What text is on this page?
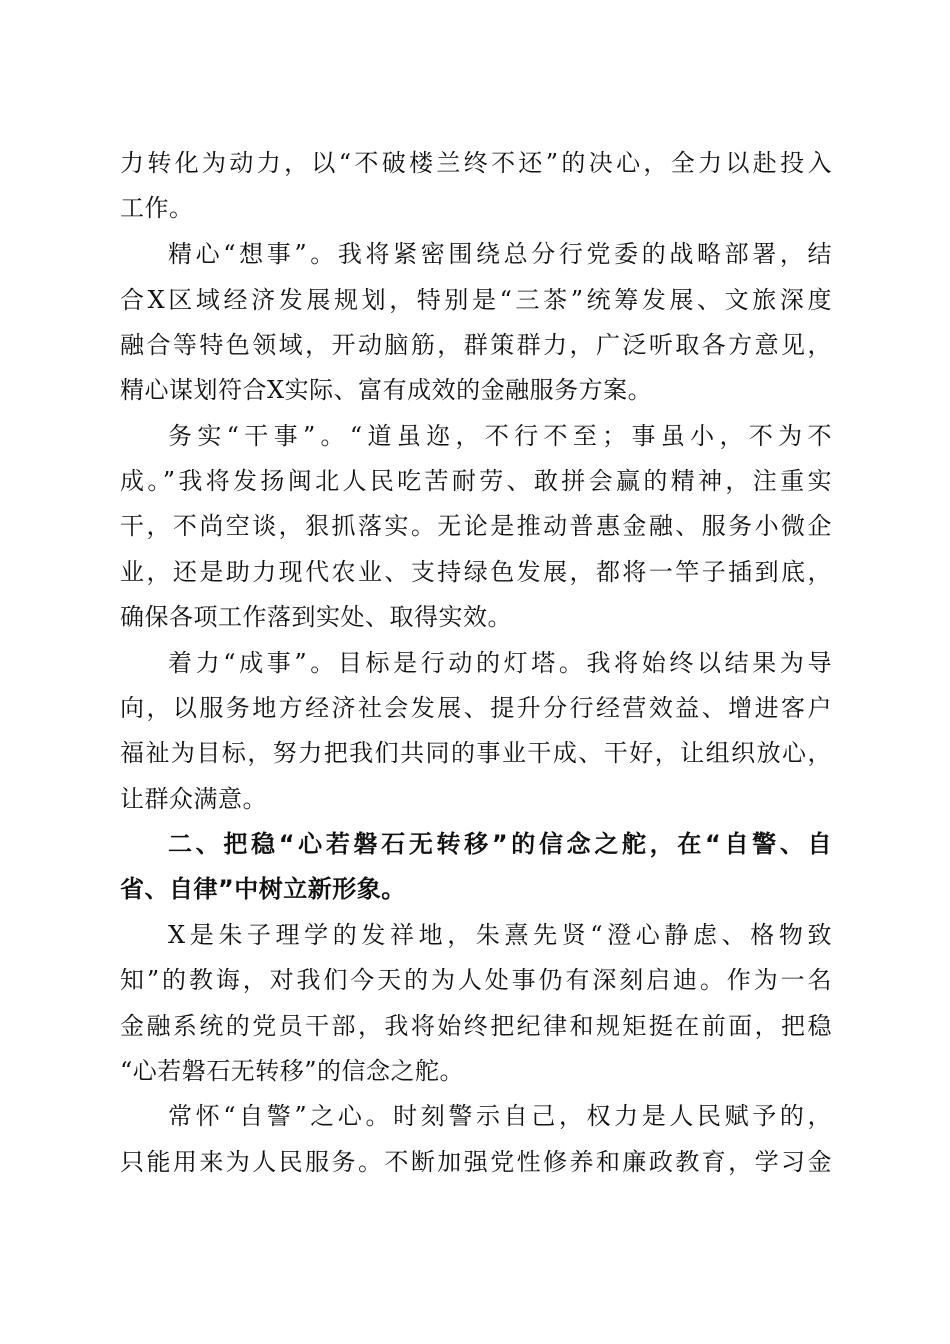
力转化为动力，以“不破楼兰终不还”的决心，全力以赴投入
工作。
精心“想事”。我将紧密围绕总分行党委的战略部署，结
合X区域经济发展规划，特别是“三茶”统筹发展、文旅深度
融合等特色领域，开动脑筋，群策群力，广泛听取各方意见，
精心谋划符合X实际、富有成效的金融服务方案。
务实“干事”。“道虽迩，不行不至；事虽小，不为不
成。”我将发扬闽北人民吃苦耐劳、敢拼会赢的精神，注重实
干，不尚空谈，狠抓落实。无论是推动普惠金融、服务小微企
业，还是助力现代农业、支持绿色发展，都将一竿子插到底，
确保各项工作落到实处、取得实效。
着力“成事”。目标是行动的灯塔。我将始终以结果为导
向，以服务地方经济社会发展、提升分行经营效益、增进客户
福祉为目标，努力把我们共同的事业干成、干好，让组织放心，
让群众满意。
二、把稳“心若磐石无转移”的信念之舵，在“自警、自
省、自律”中树立新形象。
X是朱子理学的发祥地，朱熹先贤“澄心静虑、格物致
知”的教诲，对我们今天的为人处事仍有深刻启迪。作为一名
金融系统的党员干部，我将始终把纪律和规矩挺在前面，把稳
“心若磐石无转移”的信念之舵。
常怀“自警”之心。时刻警示自己，权力是人民赋予的，
只能用来为人民服务。不断加强党性修养和廉政教育，学习金
